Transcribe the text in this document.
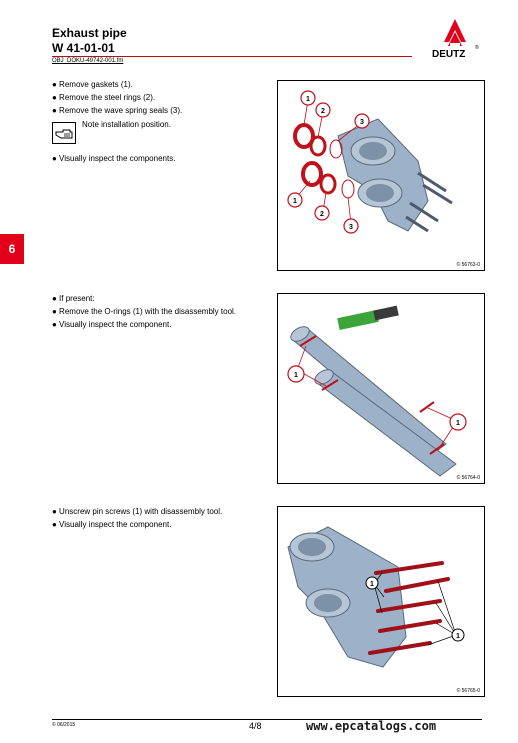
Exhaust pipe
W 41-01-01
OBJ_DOKU-49742-001.fm
DEUTZ
®
6
● Remove gaskets (1).
● Remove the steel rings (2).
● Remove the wave spring seals (3).
Note installation position.
● Visually inspect the components.
1
2
3
1
2
3
© 56763-0
● If present:
● Remove the O-rings (1) with the disassembly tool.
● Visually inspect the component.
1
1
© 56764-0
● Unscrew pin screws (1) with disassembly tool.
● Visually inspect the component.
1
1
© 56765-0
© 06/2015	4/8	www.epcatalogs.com
